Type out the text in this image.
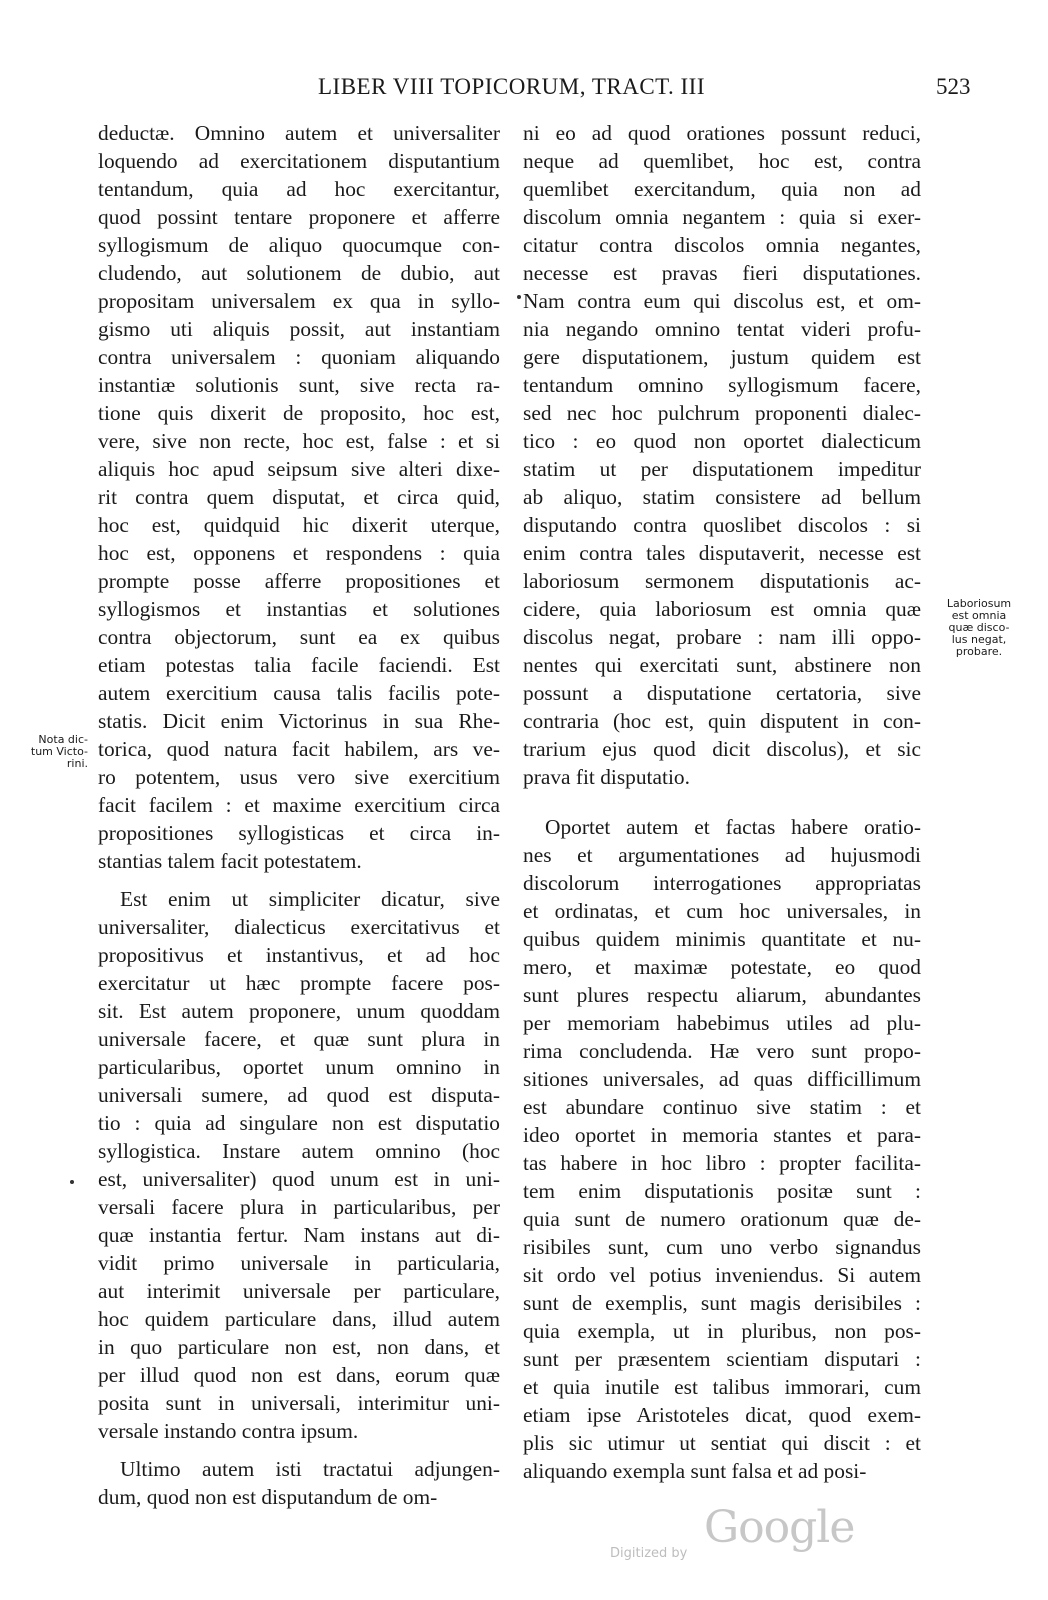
LIBER VIII TOPICORUM, TRACT. III	523

deductæ. Omnino autem et universaliter
loquendo ad exercitationem disputantium
tentandum, quia ad hoc exercitantur,
quod possint tentare proponere et afferre
syllogismum de aliquo quocumque con-
cludendo, aut solutionem de dubio, aut
propositam universalem ex qua in syllo-
gismo uti aliquis possit, aut instantiam
contra universalem : quoniam aliquando
instantiæ solutionis sunt, sive recta ra-
tione quis dixerit de proposito, hoc est,
vere, sive non recte, hoc est, false : et si
aliquis hoc apud seipsum sive alteri dixe-
rit contra quem disputat, et circa quid,
hoc est, quidquid hic dixerit uterque,
hoc est, opponens et respondens : quia
prompte posse afferre propositiones et
syllogismos et instantias et solutiones
contra objectorum, sunt ea ex quibus
etiam potestas talia facile faciendi. Est
autem exercitium causa talis facilis pote-
statis. Dicit enim Victorinus in sua Rhe-
torica, quod natura facit habilem, ars ve-
ro potentem, usus vero sive exercitium
facit facilem : et maxime exercitium circa
propositiones syllogisticas et circa in-
stantias talem facit potestatem.

Est enim ut simpliciter dicatur, sive
universaliter, dialecticus exercitativus et
propositivus et instantivus, et ad hoc
exercitatur ut hæc prompte facere pos-
sit. Est autem proponere, unum quoddam
universale facere, et quæ sunt plura in
particularibus, oportet unum omnino in
universali sumere, ad quod est disputa-
tio : quia ad singulare non est disputatio
syllogistica. Instare autem omnino (hoc
est, universaliter) quod unum est in uni-
versali facere plura in particularibus, per
quæ instantia fertur. Nam instans aut di-
vidit primo universale in particularia,
aut interimit universale per particulare,
hoc quidem particulare dans, illud autem
in quo particulare non est, non dans, et
per illud quod non est dans, eorum quæ
posita sunt in universali, interimitur uni-
versale instando contra ipsum.

Ultimo autem isti tractatui adjungen-
dum, quod non est disputandum de om-

ni eo ad quod orationes possunt reduci,
neque ad quemlibet, hoc est, contra
quemlibet exercitandum, quia non ad
discolum omnia negantem : quia si exer-
citatur contra discolos omnia negantes,
necesse est pravas fieri disputationes.
Nam contra eum qui discolus est, et om-
nia negando omnino tentat videri profu-
gere disputationem, justum quidem est
tentandum omnino syllogismum facere,
sed nec hoc pulchrum proponenti dialec-
tico : eo quod non oportet dialecticum
statim ut per disputationem impeditur
ab aliquo, statim consistere ad bellum
disputando contra quoslibet discolos : si
enim contra tales disputaverit, necesse est
laboriosum sermonem disputationis ac-
cidere, quia laboriosum est omnia quæ
discolus negat, probare : nam illi oppo-
nentes qui exercitati sunt, abstinere non
possunt a disputatione certatoria, sive
contraria (hoc est, quin disputent in con-
trarium ejus quod dicit discolus), et sic
prava fit disputatio.

Oportet autem et factas habere oratio-
nes et argumentationes ad hujusmodi
discolorum interrogationes appropriatas
et ordinatas, et cum hoc universales, in
quibus quidem minimis quantitate et nu-
mero, et maximæ potestate, eo quod
sunt plures respectu aliarum, abundantes
per memoriam habebimus utiles ad plu-
rima concludenda. Hæ vero sunt propo-
sitiones universales, ad quas difficillimum
est abundare continuo sive statim : et
ideo oportet in memoria stantes et para-
tas habere in hoc libro : propter facilita-
tem enim disputationis positæ sunt :
quia sunt de numero orationum quæ de-
risibiles sunt, cum uno verbo signandus
sit ordo vel potius inveniendus. Si autem
sunt de exemplis, sunt magis derisibiles :
quia exempla, ut in pluribus, non pos-
sunt per præsentem scientiam disputari :
et quia inutile est talibus immorari, cum
etiam ipse Aristoteles dicat, quod exem-
plis sic utimur ut sentiat qui discit : et
aliquando exempla sunt falsa et ad posi-

Nota dic-
tum Victo-
rini.
Laboriosum
est omnia
quæ disco-
lus negat,
probare.
Digitized by
Google
